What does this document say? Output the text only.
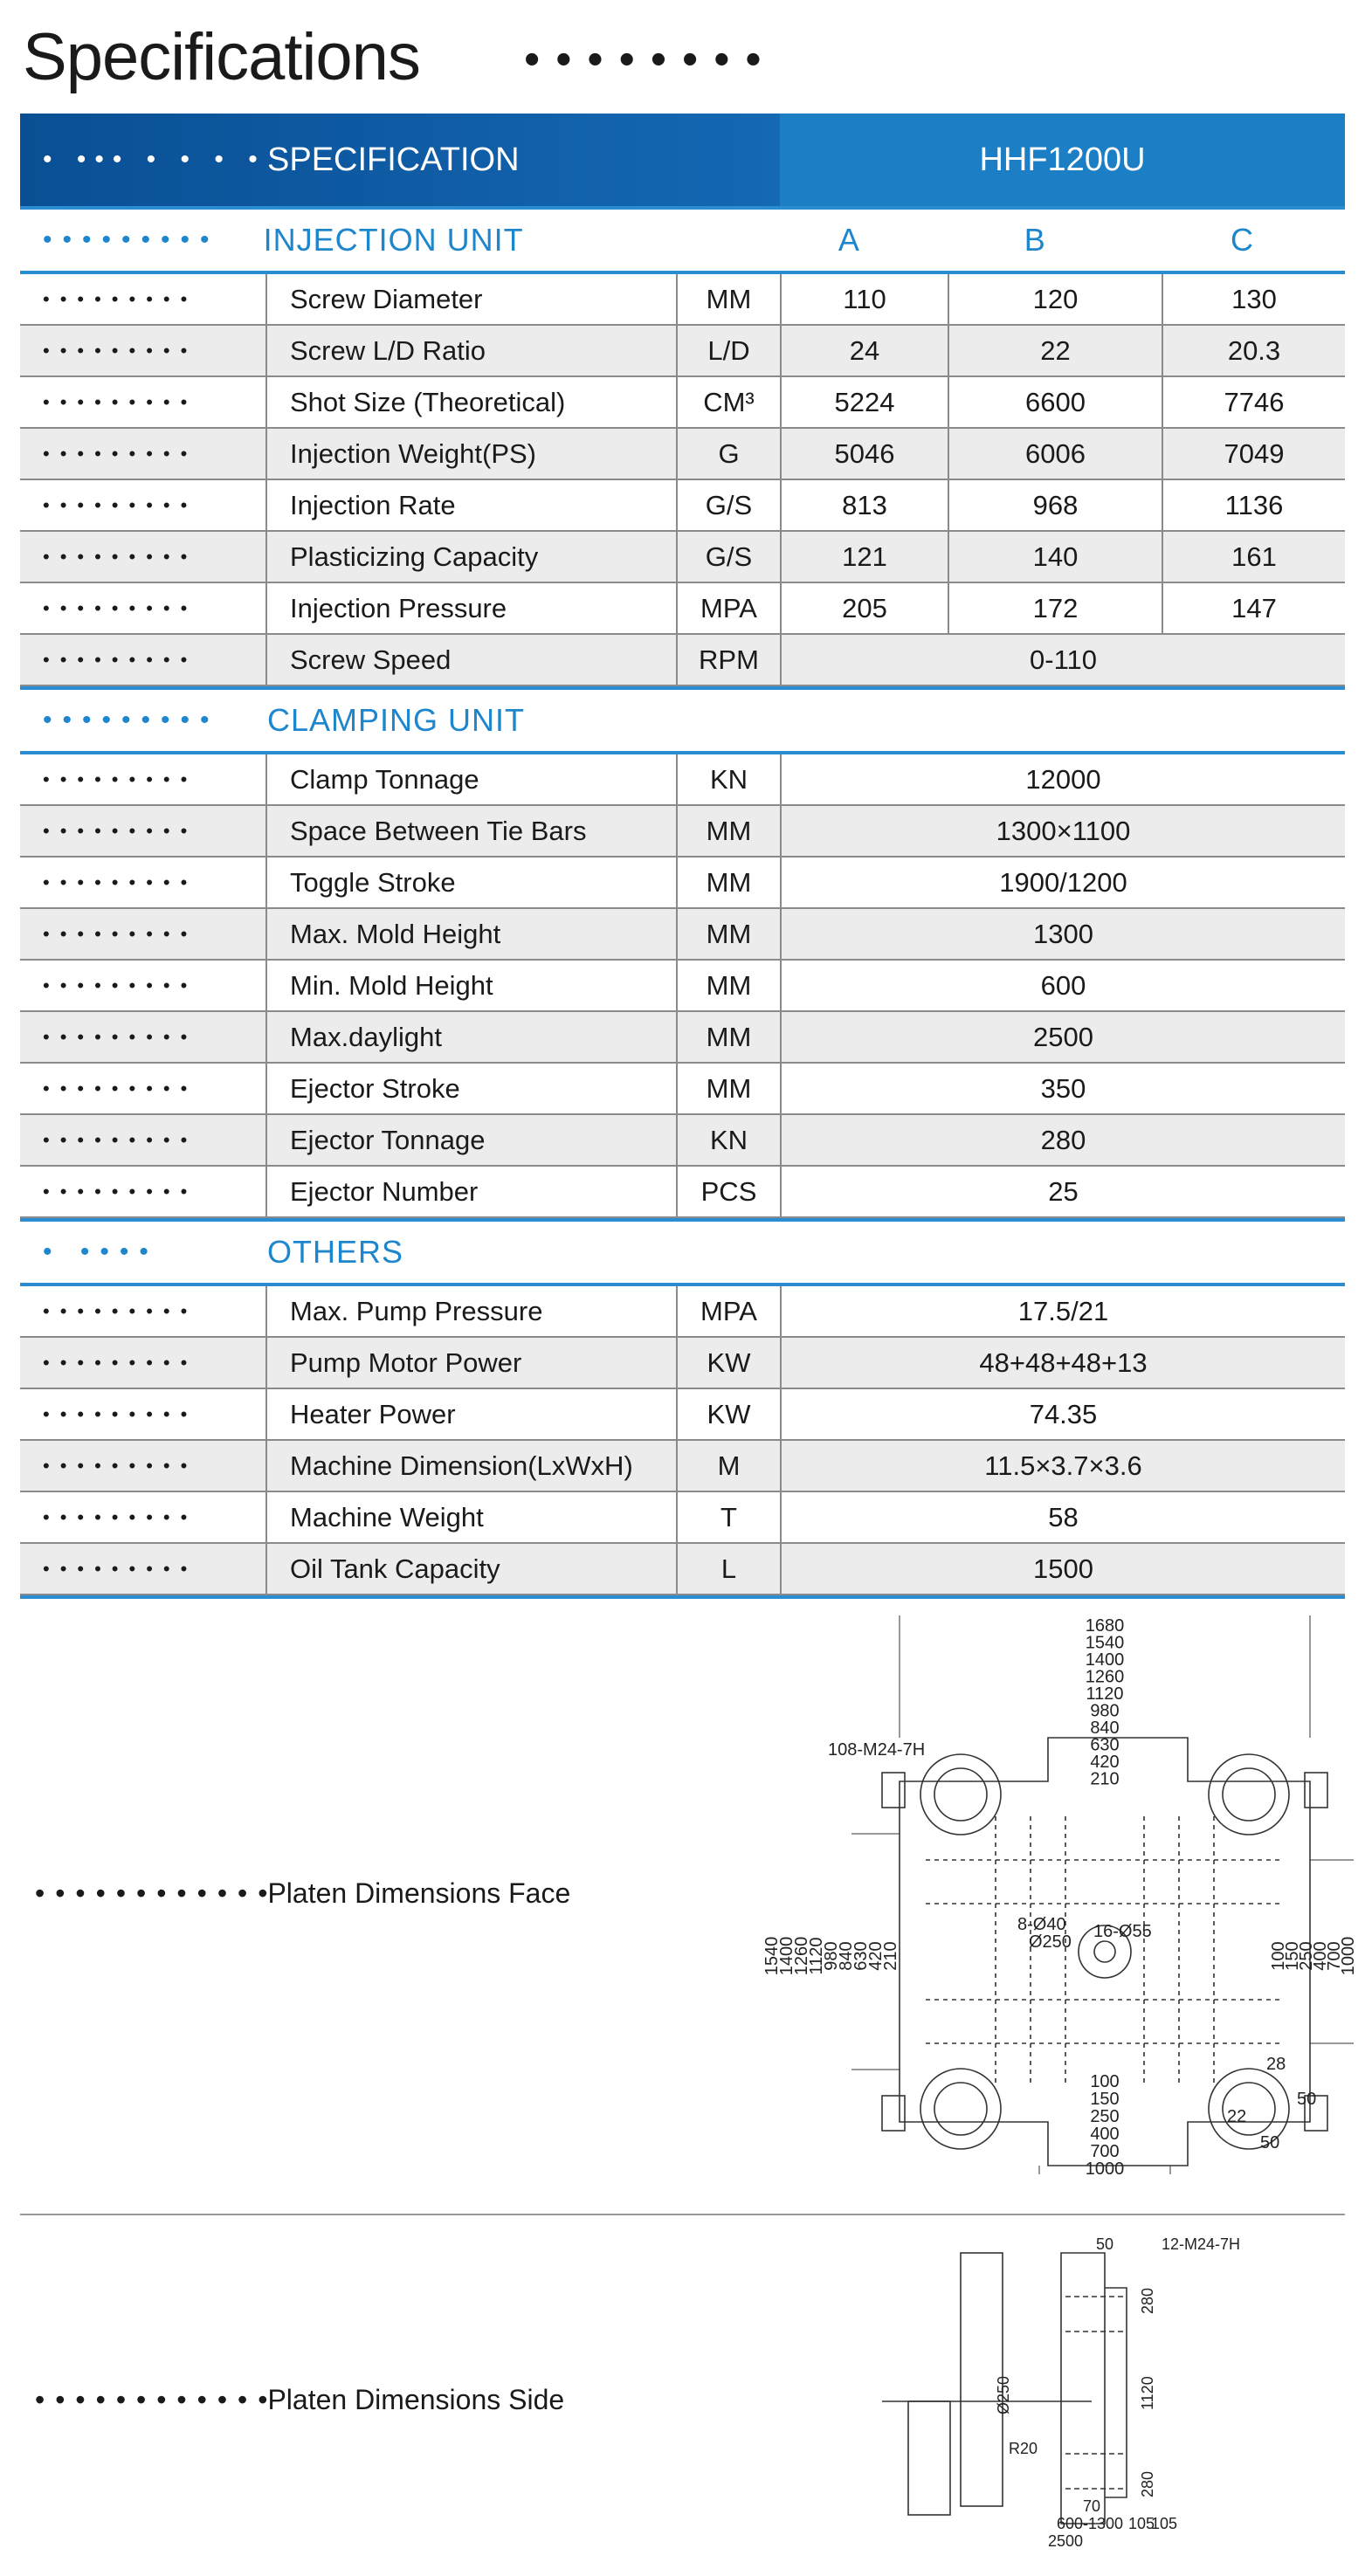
Specifications ••••••••
• ••• • • • • SPECIFICATION	HHF1200U
•••••••••	INJECTION UNIT	A	B	C
•••••••••	Screw Diameter	MM	110	120	130
•••••••••	Screw L/D Ratio	L/D	24	22	20.3
•••••••••	Shot Size (Theoretical)	CM³	5224	6600	7746
•••••••••	Injection Weight(PS)	G	5046	6006	7049
•••••••••	Injection Rate	G/S	813	968	1136
•••••••••	Plasticizing Capacity	G/S	121	140	161
•••••••••	Injection Pressure	MPA	205	172	147
•••••••••	Screw Speed	RPM	0-110
•••••••••	CLAMPING UNIT
•••••••••	Clamp Tonnage	KN	12000
•••••••••	Space Between Tie Bars	MM	1300×1100
•••••••••	Toggle Stroke	MM	1900/1200
•••••••••	Max. Mold Height	MM	1300
•••••••••	Min. Mold Height	MM	600
•••••••••	Max.daylight	MM	2500
•••••••••	Ejector Stroke	MM	350
•••••••••	Ejector Tonnage	KN	280
•••••••••	Ejector Number	PCS	25
• ••••	OTHERS
•••••••••	Max. Pump Pressure	MPA	17.5/21
•••••••••	Pump Motor Power	KW	48+48+48+13
•••••••••	Heater Power	KW	74.35
•••••••••	Machine Dimension(LxWxH)	M	11.5×3.7×3.6
•••••••••	Machine Weight	T	58
•••••••••	Oil Tank Capacity	L	1500
••••••••••••Platen Dimensions Face
1680
1540
1400
1260
1120
980
840
630
420
210
1540
1400
1260
1120
980
840
630
420
210	100
150
250
400
700
1000
100
150
250
400
700
1000
108-M24-7H
8-Ø40
Ø250
16-Ø55
28
22
50
50
••••••••••••Platen Dimensions Side
50	12-M24-7H
280
1120
280
Ø250
R20
70
600-1300 105
105
2500
